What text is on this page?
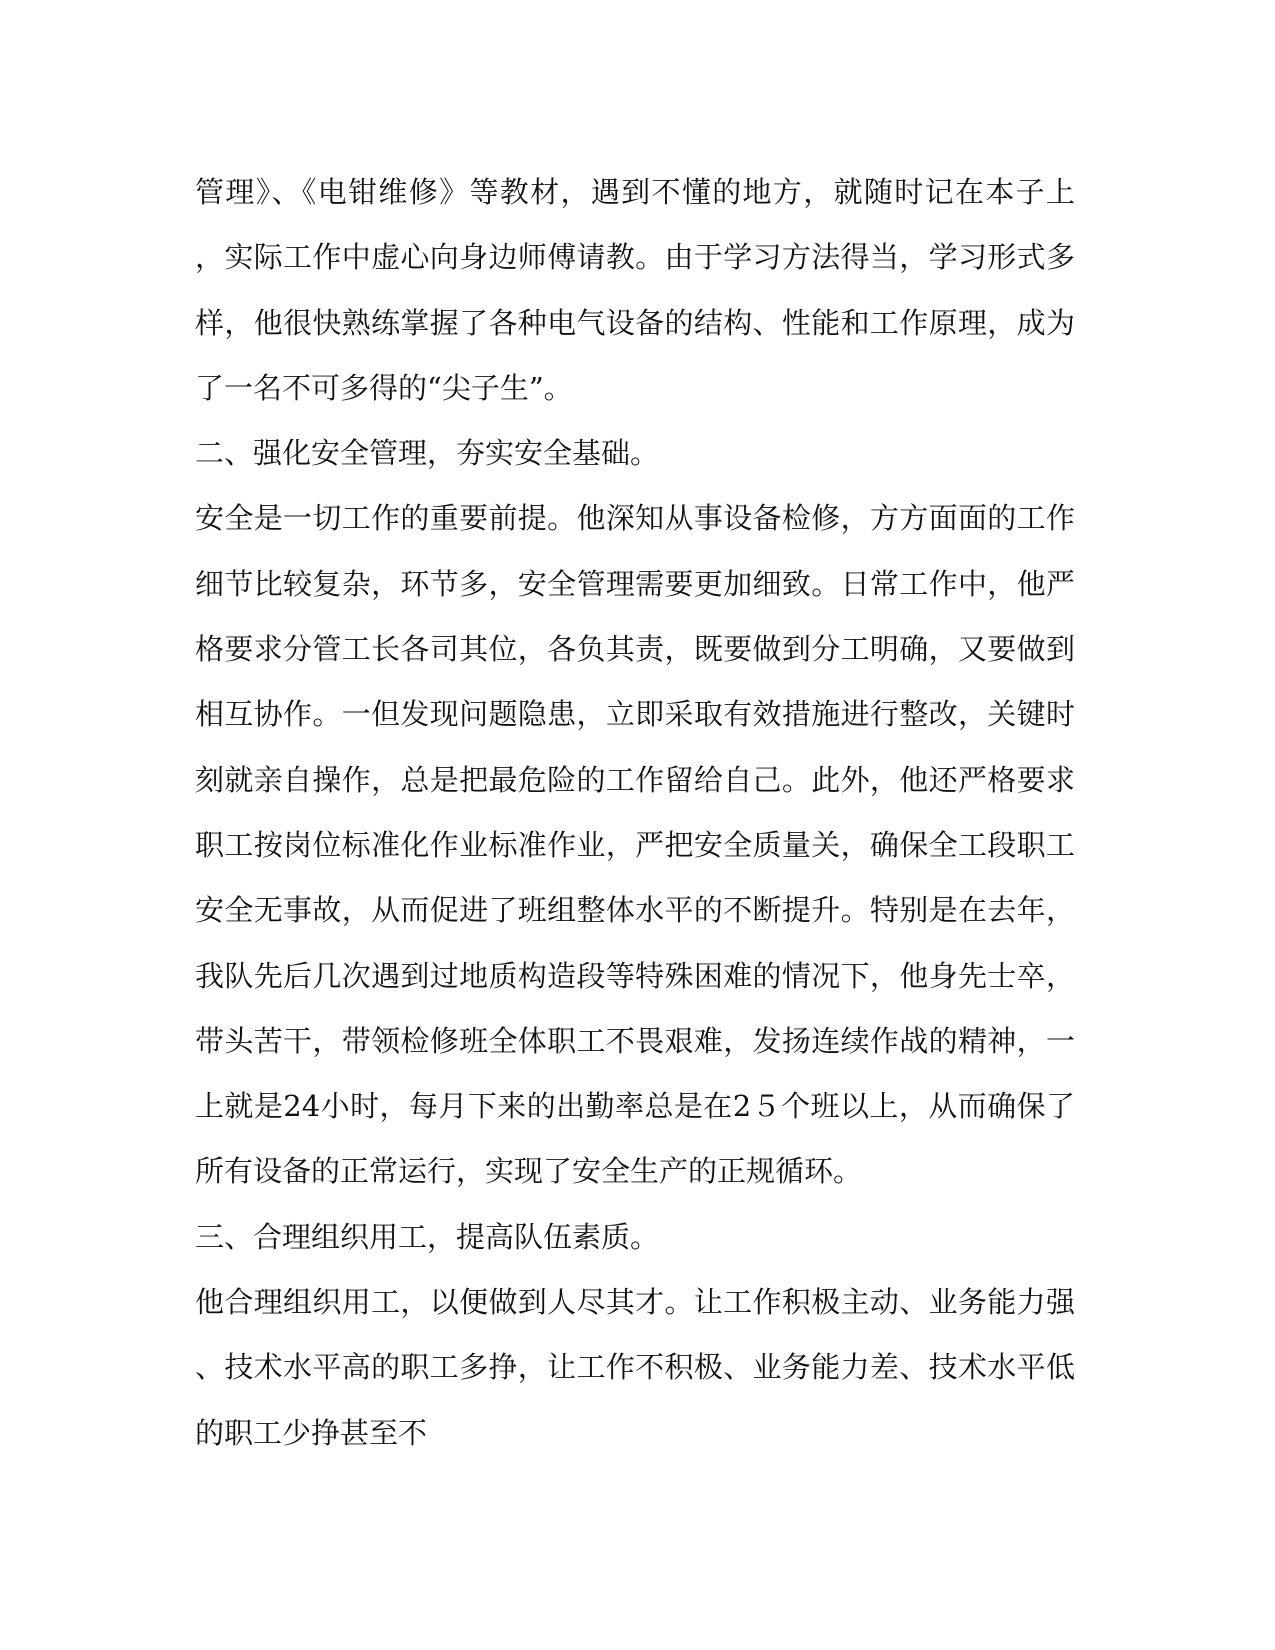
管理》、《电钳维修》等教材，遇到不懂的地方，就随时记在本子上
，实际工作中虚心向身边师傅请教。由于学习方法得当，学习形式多
样，他很快熟练掌握了各种电气设备的结构、性能和工作原理，成为
了一名不可多得的“尖子生”。
二、强化安全管理，夯实安全基础。
安全是一切工作的重要前提。他深知从事设备检修，方方面面的工作
细节比较复杂，环节多，安全管理需要更加细致。日常工作中，他严
格要求分管工长各司其位，各负其责，既要做到分工明确，又要做到
相互协作。一但发现问题隐患，立即采取有效措施进行整改，关键时
刻就亲自操作，总是把最危险的工作留给自己。此外，他还严格要求
职工按岗位标准化作业标准作业，严把安全质量关，确保全工段职工
安全无事故，从而促进了班组整体水平的不断提升。特别是在去年，
我队先后几次遇到过地质构造段等特殊困难的情况下，他身先士卒，
带头苦干，带领检修班全体职工不畏艰难，发扬连续作战的精神，一
上就是24小时，每月下来的出勤率总是在2５个班以上，从而确保了
所有设备的正常运行，实现了安全生产的正规循环。
三、合理组织用工，提高队伍素质。
他合理组织用工，以便做到人尽其才。让工作积极主动、业务能力强
、技术水平高的职工多挣，让工作不积极、业务能力差、技术水平低
的职工少挣甚至不
